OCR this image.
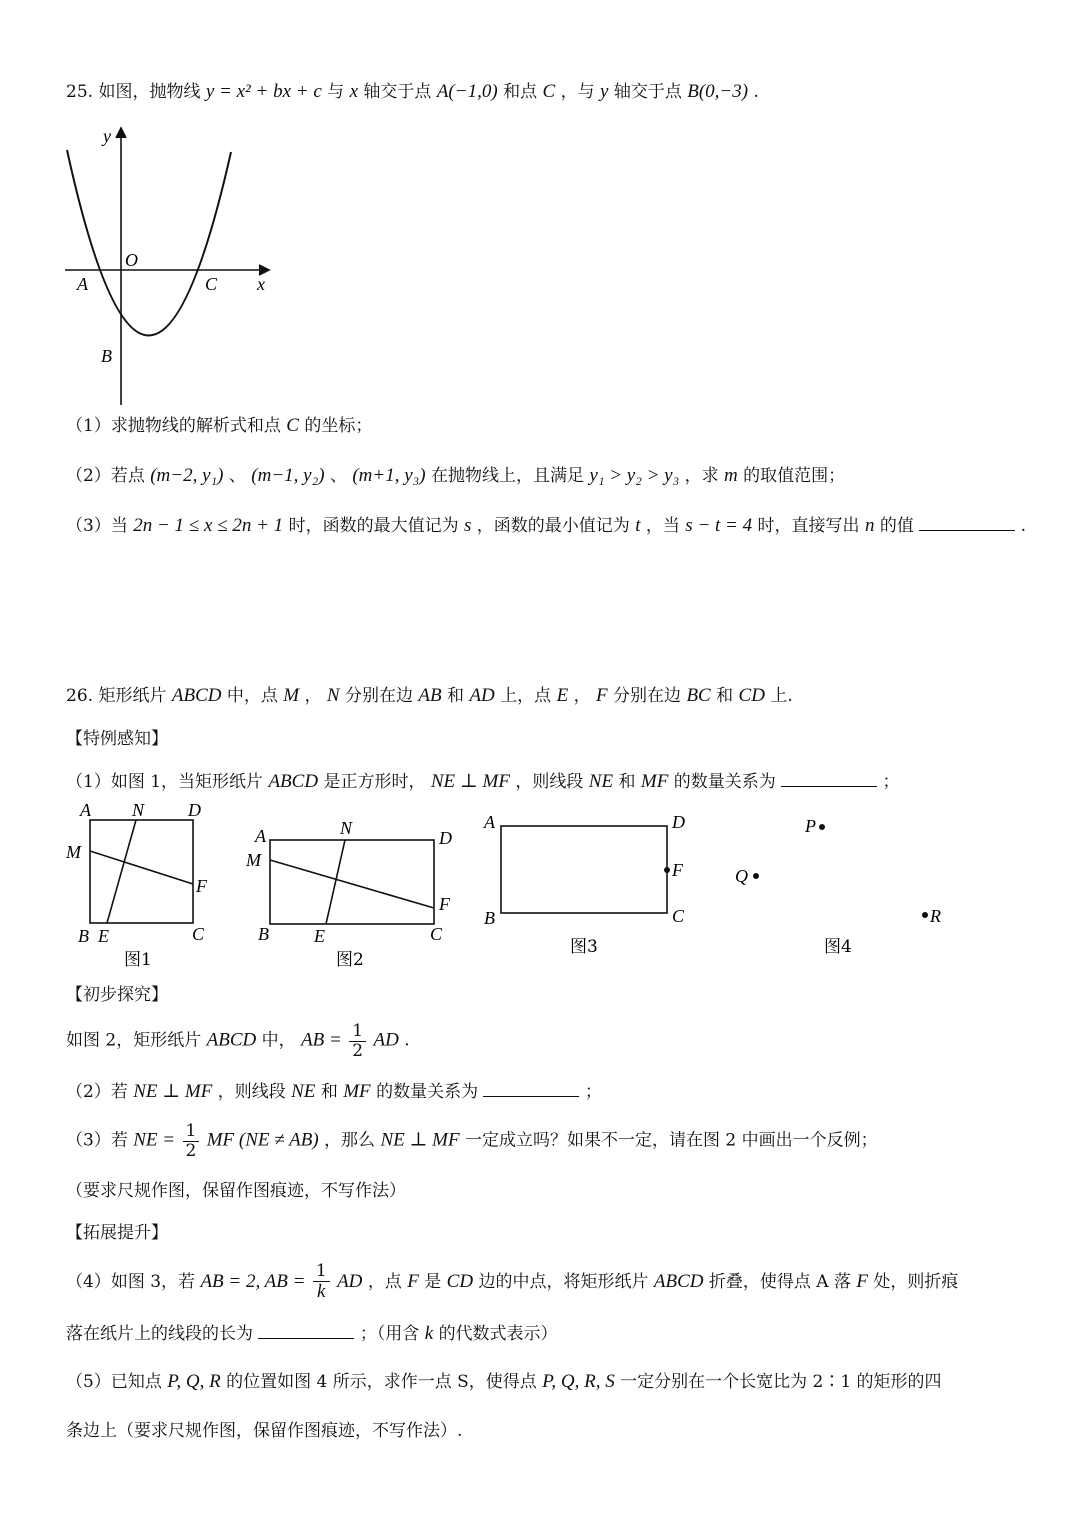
25. 如图，抛物线 y = x² + bx + c 与 x 轴交于点 A(−1,0) 和点 C ，与 y 轴交于点 B(0,−3) .
y
O
A	C x
B
（1）求抛物线的解析式和点 C 的坐标；
（2）若点 (m−2, y₁) 、 (m−1, y₂) 、 (m+1, y₃) 在抛物线上，且满足 y₁ > y₂ > y₃ ，求 m 的取值范围；
（3）当 2n − 1 ≤ x ≤ 2n + 1 时，函数的最大值记为 s ，函数的最小值记为 t ，当 s − t = 4 时，直接写出 n 的值	.
26. 矩形纸片 ABCD 中，点 M ， N 分别在边 AB 和 AD 上，点 E ， F 分别在边 BC 和 CD 上.
【特例感知】
（1）如图 1，当矩形纸片 ABCD 是正方形时， NE ⊥ MF ，则线段 NE 和 MF 的数量关系为	；
A N D
M
F
B E	C
图1
A	N	D
M
F
B	E	C
图2
A	D
F
B	C
图3
P
Q
R
图4
【初步探究】
如图 2，矩形纸片 ABCD 中， AB = $\frac{1}{2}$ AD .
（2）若 NE ⊥ MF ，则线段 NE 和 MF 的数量关系为	；
（3）若 NE = $\frac{1}{2}$ MF (NE ≠ AB) ，那么 NE ⊥ MF 一定成立吗？如果不一定，请在图 2 中画出一个反例；
（要求尺规作图，保留作图痕迹，不写作法）
【拓展提升】
（4）如图 3，若 AB = 2, AB = $\frac{1}{k}$ AD ，点 F 是 CD 边的中点，将矩形纸片 ABCD 折叠，使得点 A 落 F 处，则折痕
落在纸片上的线段的长为	；（用含 k 的代数式表示）
（5）已知点 P, Q, R 的位置如图 4 所示，求作一点 S，使得点 P, Q, R, S 一定分别在一个长宽比为 2∶1 的矩形的四
条边上（要求尺规作图，保留作图痕迹，不写作法）.
